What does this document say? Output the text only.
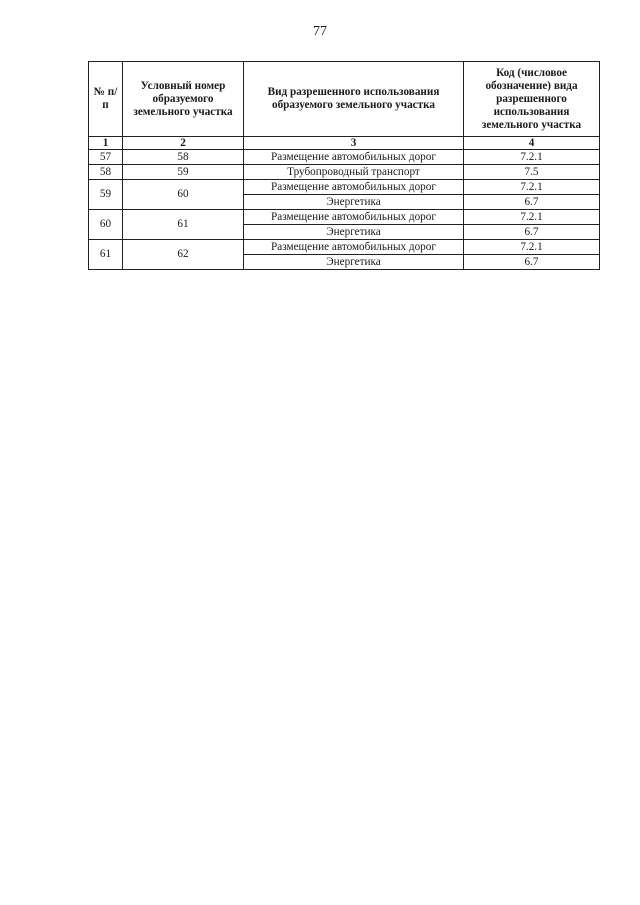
77
№ п/п	Условный номер образуемого земельного участка	Вид разрешенного использования образуемого земельного участка	Код (числовое обозначение) вида разрешенного использования земельного участка
1	2	3	4
57	58	Размещение автомобильных дорог	7.2.1
58	59	Трубопроводный транспорт	7.5
59	60	Размещение автомобильных дорог	7.2.1
		Энергетика	6.7
60	61	Размещение автомобильных дорог	7.2.1
		Энергетика	6.7
61	62	Размещение автомобильных дорог	7.2.1
		Энергетика	6.7
